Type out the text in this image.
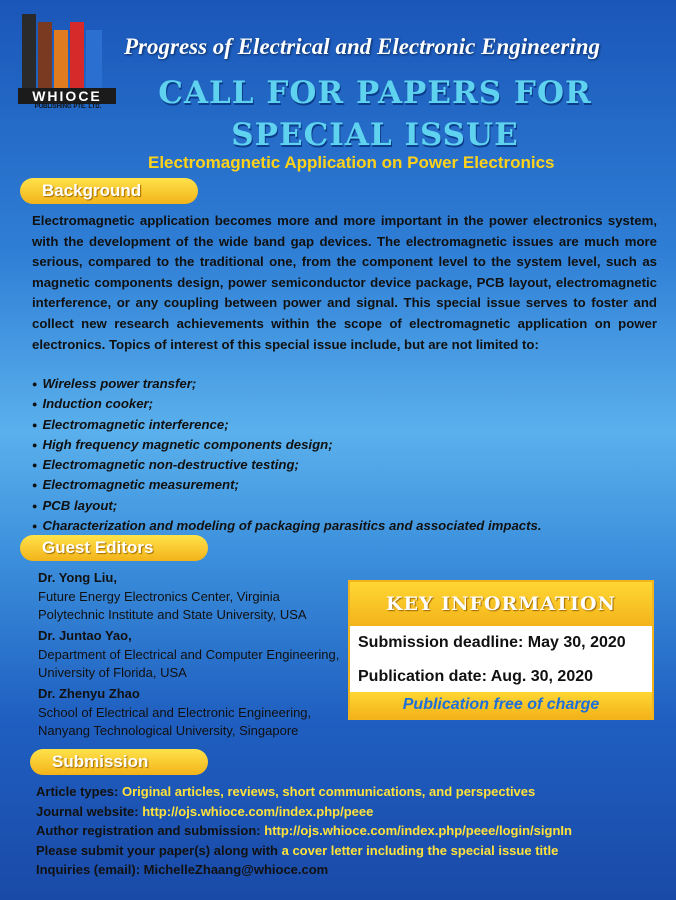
WHIOCE
PUBLISHING PTE. LTD.
Progress of Electrical and Electronic Engineering
CALL FOR PAPERS FOR
SPECIAL ISSUE
Electromagnetic Application on Power Electronics
Background
Electromagnetic application becomes more and more important in the power electronics system, with the development of the wide band gap devices. The electromagnetic issues are much more serious, compared to the traditional one, from the component level to the system level, such as magnetic components design, power semiconductor device package, PCB layout, electromagnetic interference, or any coupling between power and signal. This special issue serves to foster and collect new research achievements within the scope of electromagnetic application on power electronics. Topics of interest of this special issue include, but are not limited to:
● Wireless power transfer;
● Induction cooker;
● Electromagnetic interference;
● High frequency magnetic components design;
● Electromagnetic non-destructive testing;
● Electromagnetic measurement;
● PCB layout;
● Characterization and modeling of packaging parasitics and associated impacts.
Guest Editors
Dr. Yong Liu,
Future Energy Electronics Center, Virginia Polytechnic Institute and State University, USA
Dr. Juntao Yao,
Department of Electrical and Computer Engineering, University of Florida, USA
Dr. Zhenyu Zhao
School of Electrical and Electronic Engineering, Nanyang Technological University, Singapore
KEY INFORMATION
Submission deadline: May 30, 2020
Publication date: Aug. 30, 2020
Publication free of charge
Submission
Article types: Original articles, reviews, short communications, and perspectives
Journal website: http://ojs.whioce.com/index.php/peee
Author registration and submission: http://ojs.whioce.com/index.php/peee/login/signIn
Please submit your paper(s) along with a cover letter including the special issue title
Inquiries (email): MichelleZhaang@whioce.com
